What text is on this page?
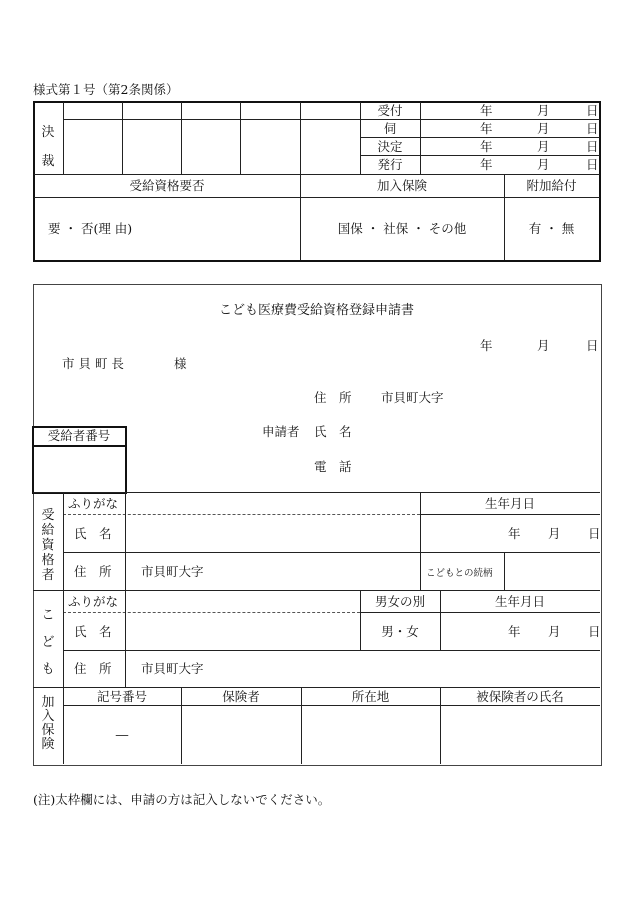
様式第１号（第2条関係）
決裁
受付	年	月	日
伺	年	月	日
決定	年	月	日
発行	年	月	日
受給資格要否	加入保険	附加給付
要 ・ 否(理 由)	国保 ・ 社保 ・ その他	有 ・ 無
こども医療費受給資格登録申請書
年	月	日
市 貝 町 長	様
住　所 市貝町大字
申請者 氏　名
電　話
受給者番号
受給資格者
ふりがな	生年月日
氏　名	年 月 日
住　所 市貝町大字	こどもとの続柄
こども
ふりがな	男女の別	生年月日
氏　名	男・女	年 月 日
住　所 市貝町大字
加入保険
記号番号	保険者	所在地	被保険者の氏名
―
(注)太枠欄には、申請の方は記入しないでください。
